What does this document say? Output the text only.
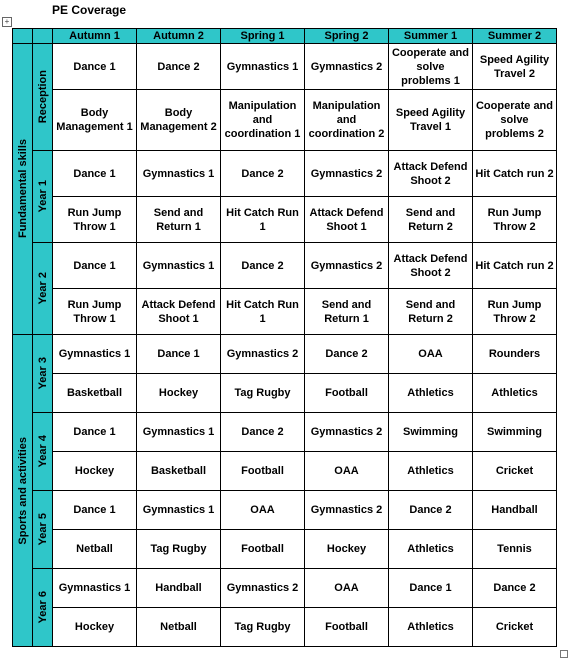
PE Coverage
+
		Autumn 1	Autumn 2	Spring 1	Spring 2	Summer 1	Summer 2

Fundamental skills	Reception	Dance 1	Dance 2	Gymnastics 1	Gymnastics 2	Cooperate and solve problems 1	Speed Agility Travel 2
		Body Management 1	Body Management 2	Manipulation and coordination 1	Manipulation and coordination 2	Speed Agility Travel 1	Cooperate and solve problems 2

	Year 1	Dance 1	Gymnastics 1	Dance 2	Gymnastics 2	Attack Defend Shoot 2	Hit Catch run 2
		Run Jump Throw 1	Send and Return 1	Hit Catch Run 1	Attack Defend Shoot 1	Send and Return 2	Run Jump Throw 2

	Year 2	Dance 1	Gymnastics 1	Dance 2	Gymnastics 2	Attack Defend Shoot 2	Hit Catch run 2
		Run Jump Throw 1	Attack Defend Shoot 1	Hit Catch Run 1	Send and Return 1	Send and Return 2	Run Jump Throw 2

Sports and activities	Year 3	Gymnastics 1	Dance 1	Gymnastics 2	Dance 2	OAA	Rounders
		Basketball	Hockey	Tag Rugby	Football	Athletics	Athletics

	Year 4	Dance 1	Gymnastics 1	Dance 2	Gymnastics 2	Swimming	Swimming
		Hockey	Basketball	Football	OAA	Athletics	Cricket

	Year 5	Dance 1	Gymnastics 1	OAA	Gymnastics 2	Dance 2	Handball
		Netball	Tag Rugby	Football	Hockey	Athletics	Tennis

	Year 6	Gymnastics 1	Handball	Gymnastics 2	OAA	Dance 1	Dance 2
		Hockey	Netball	Tag Rugby	Football	Athletics	Cricket
